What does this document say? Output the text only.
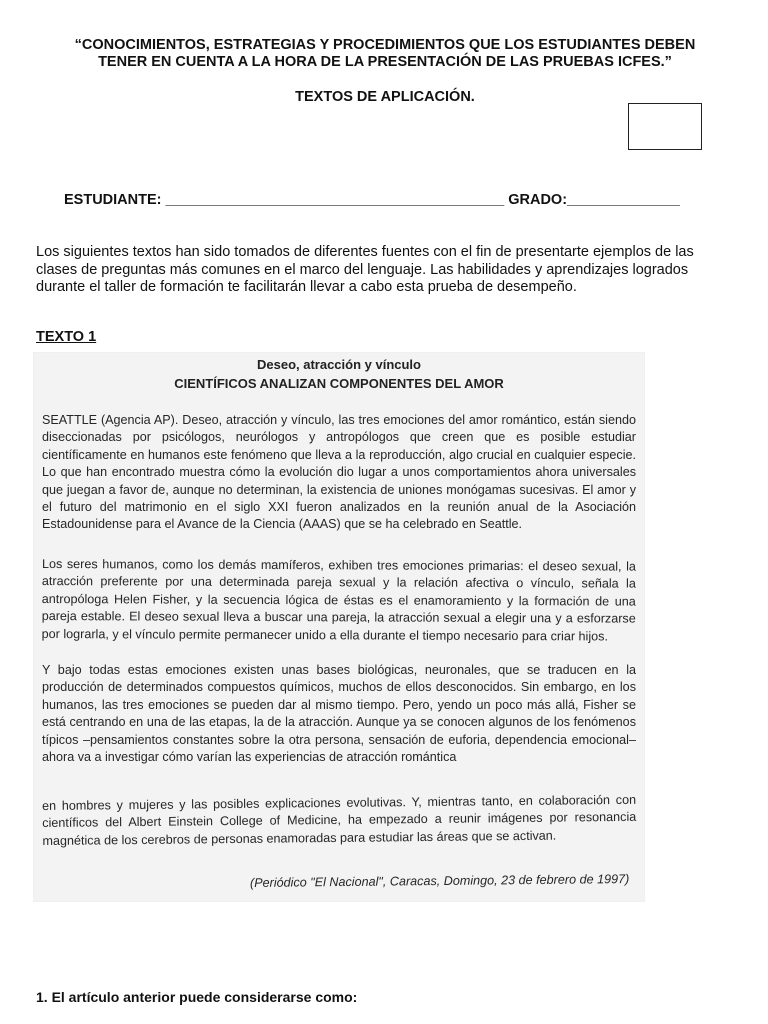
“CONOCIMIENTOS, ESTRATEGIAS Y PROCEDIMIENTOS QUE LOS ESTUDIANTES DEBEN
TENER EN CUENTA A LA HORA DE LA PRESENTACIÓN DE LAS PRUEBAS ICFES.”
TEXTOS DE APLICACIÓN.
ESTUDIANTE: __________________________________________ GRADO:______________

Los siguientes textos han sido tomados de diferentes fuentes con el fin de presentarte ejemplos de las clases de preguntas más comunes en el marco del lenguaje. Las habilidades y aprendizajes logrados durante el taller de formación te facilitarán llevar a cabo esta prueba de desempeño.

TEXTO 1
Deseo, atracción y vínculo
CIENTÍFICOS ANALIZAN COMPONENTES DEL AMOR

SEATTLE (Agencia AP). Deseo, atracción y vínculo, las tres emociones del amor romántico, están siendo diseccionadas por psicólogos, neurólogos y antropólogos que creen que es posible estudiar científicamente en humanos este fenómeno que lleva a la reproducción, algo crucial en cualquier especie. Lo que han encontrado muestra cómo la evolución dio lugar a unos comportamientos ahora universales que juegan a favor de, aunque no determinan, la existencia de uniones monógamas sucesivas. El amor y el futuro del matrimonio en el siglo XXI fueron analizados en la reunión anual de la Asociación Estadounidense para el Avance de la Ciencia (AAAS) que se ha celebrado en Seattle.

Los seres humanos, como los demás mamíferos, exhiben tres emociones primarias: el deseo sexual, la atracción preferente por una determinada pareja sexual y la relación afectiva o vínculo, señala la antropóloga Helen Fisher, y la secuencia lógica de éstas es el enamoramiento y la formación de una pareja estable. El deseo sexual lleva a buscar una pareja, la atracción sexual a elegir una y a esforzarse por lograrla, y el vínculo permite permanecer unido a ella durante el tiempo necesario para criar hijos.

Y bajo todas estas emociones existen unas bases biológicas, neuronales, que se traducen en la producción de determinados compuestos químicos, muchos de ellos desconocidos. Sin embargo, en los humanos, las tres emociones se pueden dar al mismo tiempo. Pero, yendo un poco más allá, Fisher se está centrando en una de las etapas, la de la atracción. Aunque ya se conocen algunos de los fenómenos típicos –pensamientos constantes sobre la otra persona, sensación de euforia, dependencia emocional– ahora va a investigar cómo varían las experiencias de atracción romántica

en hombres y mujeres y las posibles explicaciones evolutivas. Y, mientras tanto, en colaboración con científicos del Albert Einstein College of Medicine, ha empezado a reunir imágenes por resonancia magnética de los cerebros de personas enamoradas para estudiar las áreas que se activan.

(Periódico "El Nacional", Caracas, Domingo, 23 de febrero de 1997)

1. El artículo anterior puede considerarse como:
